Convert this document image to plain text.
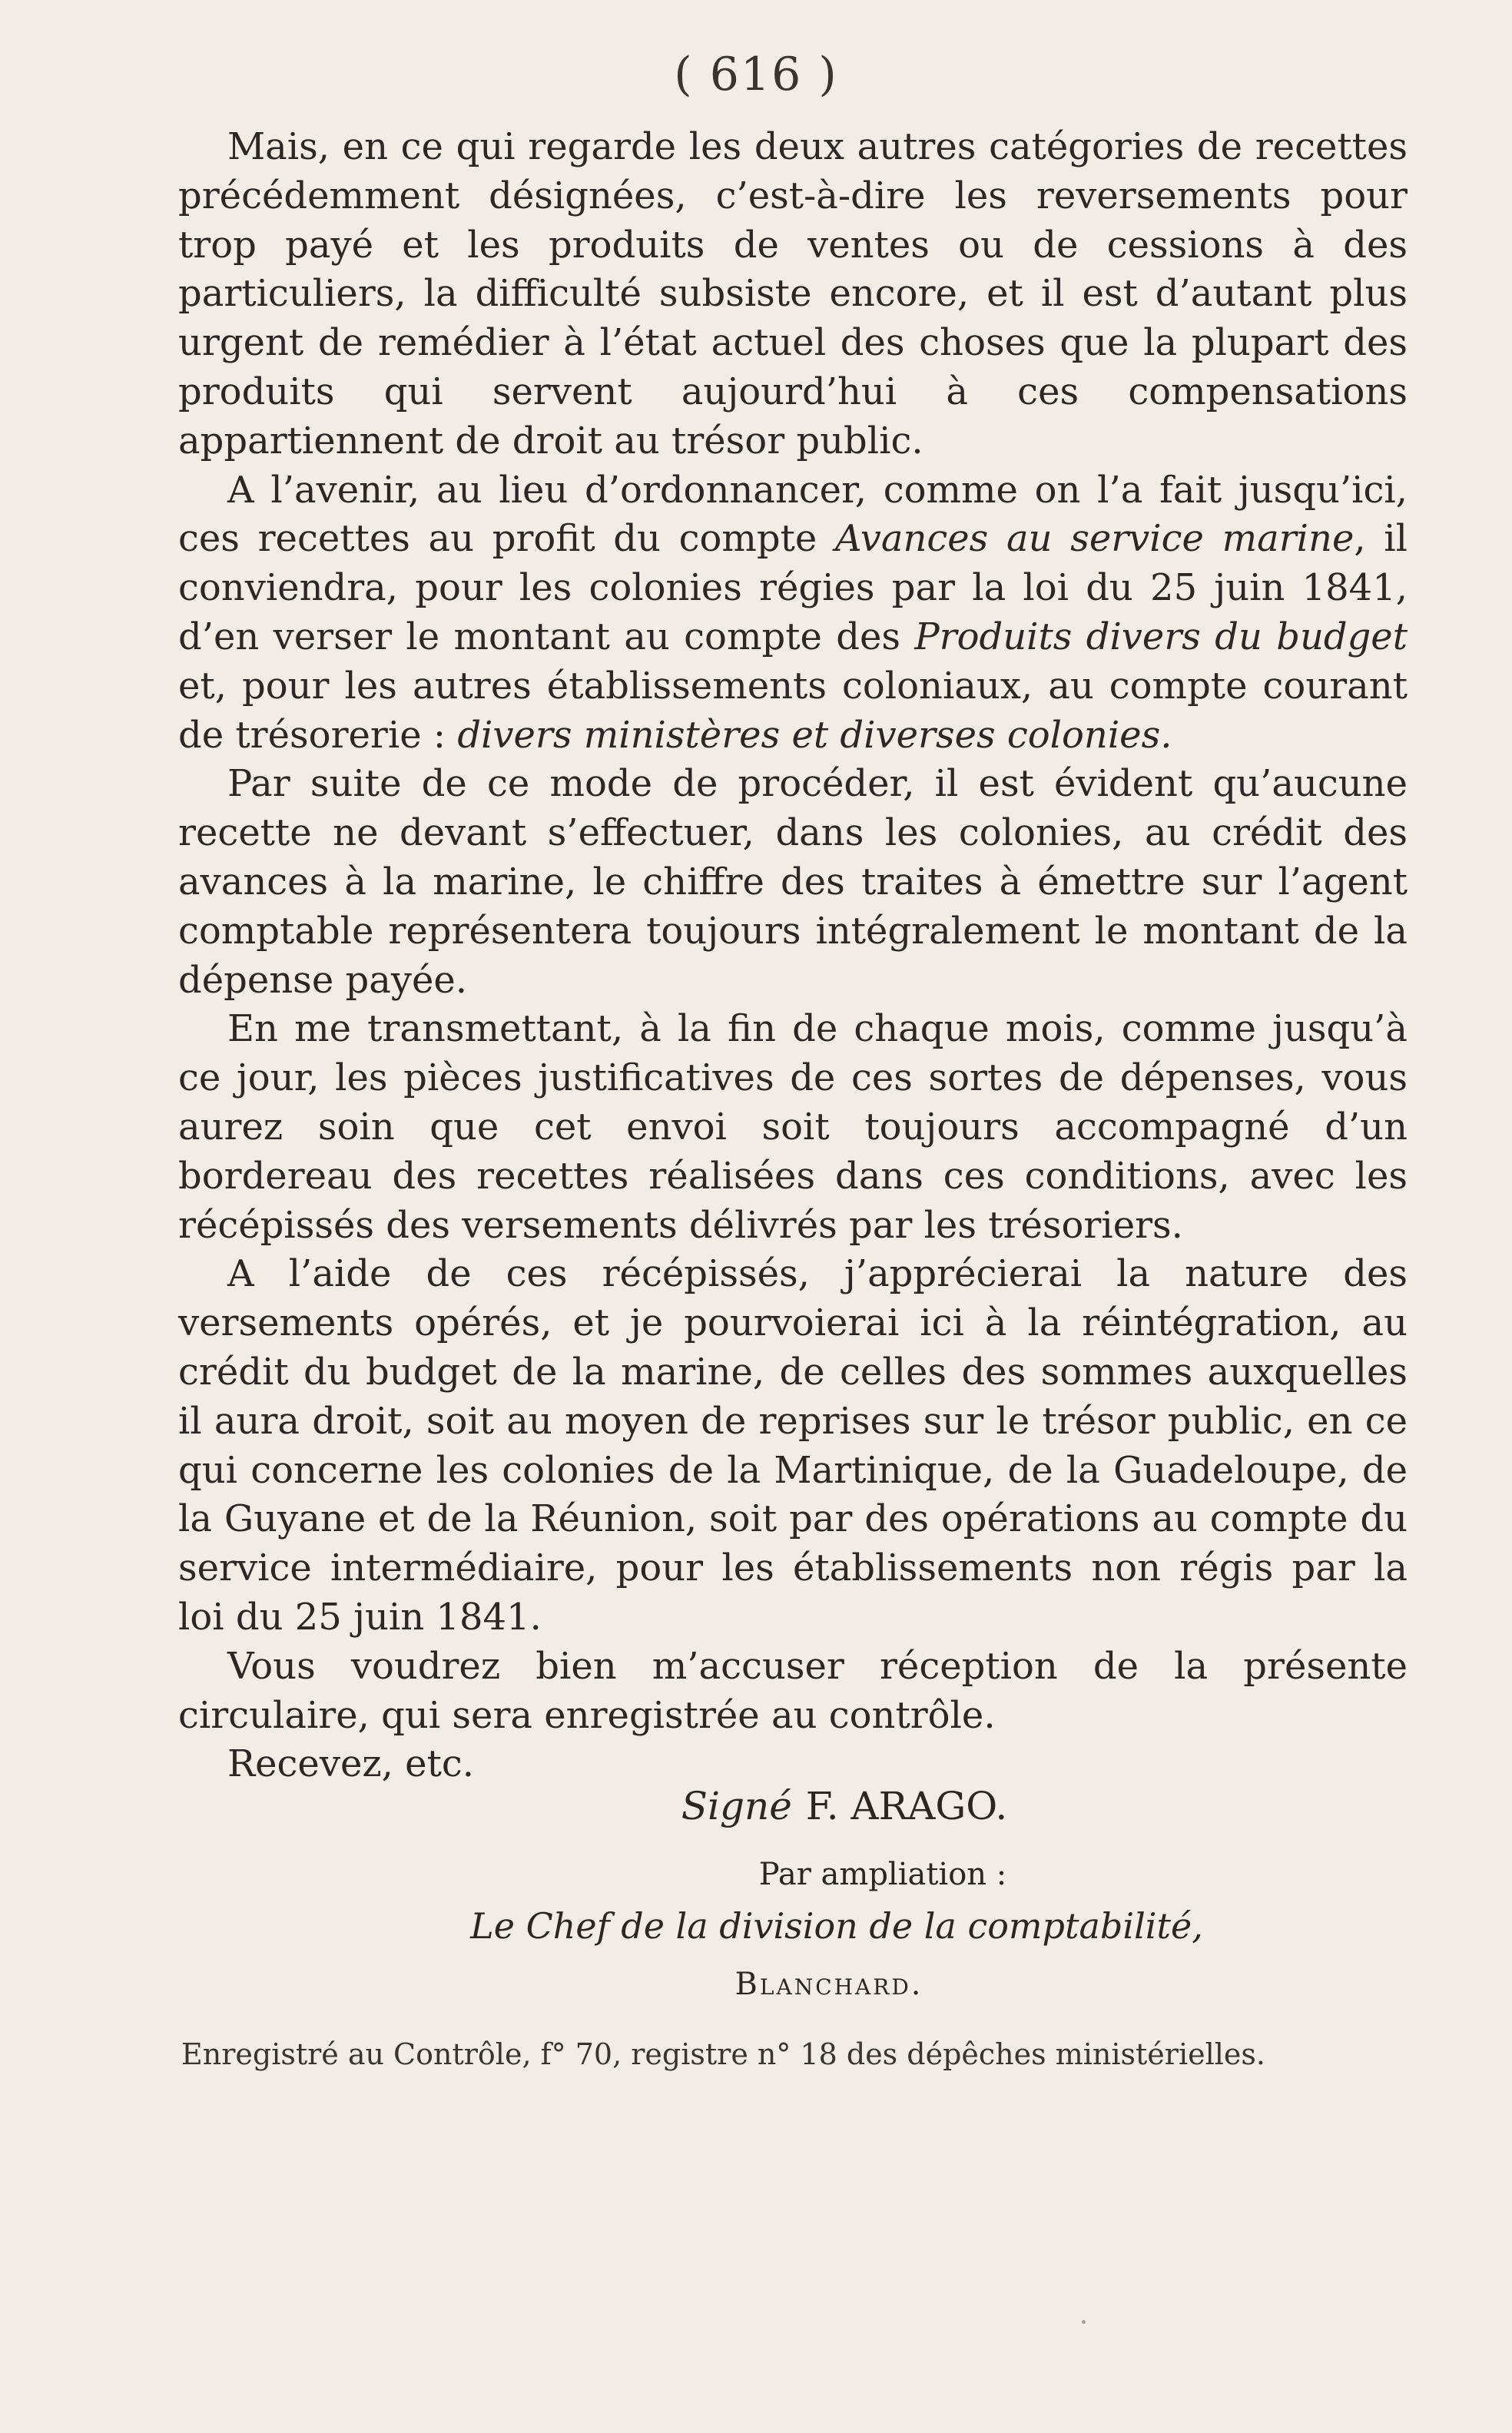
( 616 )

Mais, en ce qui regarde les deux autres catégories de recettes précédemment désignées, c’est-à-dire les reversements pour trop payé et les produits de ventes ou de cessions à des particuliers, la difficulté subsiste encore, et il est d’autant plus urgent de remédier à l’état actuel des choses que la plupart des produits qui servent aujourd’hui à ces compensations appartiennent de droit au trésor public.

A l’avenir, au lieu d’ordonnancer, comme on l’a fait jusqu’ici, ces recettes au profit du compte Avances au service marine, il conviendra, pour les colonies régies par la loi du 25 juin 1841, d’en verser le montant au compte des Produits divers du budget et, pour les autres établissements coloniaux, au compte courant de trésorerie : divers ministères et diverses colonies.

Par suite de ce mode de procéder, il est évident qu’aucune recette ne devant s’effectuer, dans les colonies, au crédit des avances à la marine, le chiffre des traites à émettre sur l’agent comptable représentera toujours intégralement le montant de la dépense payée.

En me transmettant, à la fin de chaque mois, comme jusqu’à ce jour, les pièces justificatives de ces sortes de dépenses, vous aurez soin que cet envoi soit toujours accompagné d’un bordereau des recettes réalisées dans ces conditions, avec les récépissés des versements délivrés par les trésoriers.

A l’aide de ces récépissés, j’apprécierai la nature des versements opérés, et je pourvoierai ici à la réintégration, au crédit du budget de la marine, de celles des sommes auxquelles il aura droit, soit au moyen de reprises sur le trésor public, en ce qui concerne les colonies de la Martinique, de la Guadeloupe, de la Guyane et de la Réunion, soit par des opérations au compte du service intermédiaire, pour les établissements non régis par la loi du 25 juin 1841.

Vous voudrez bien m’accuser réception de la présente circulaire, qui sera enregistrée au contrôle.

Recevez, etc.

Signé F. ARAGO.
Par ampliation :
Le Chef de la division de la comptabilité,
Blanchard.
Enregistré au Contrôle, f° 70, registre n° 18 des dépêches ministérielles.
